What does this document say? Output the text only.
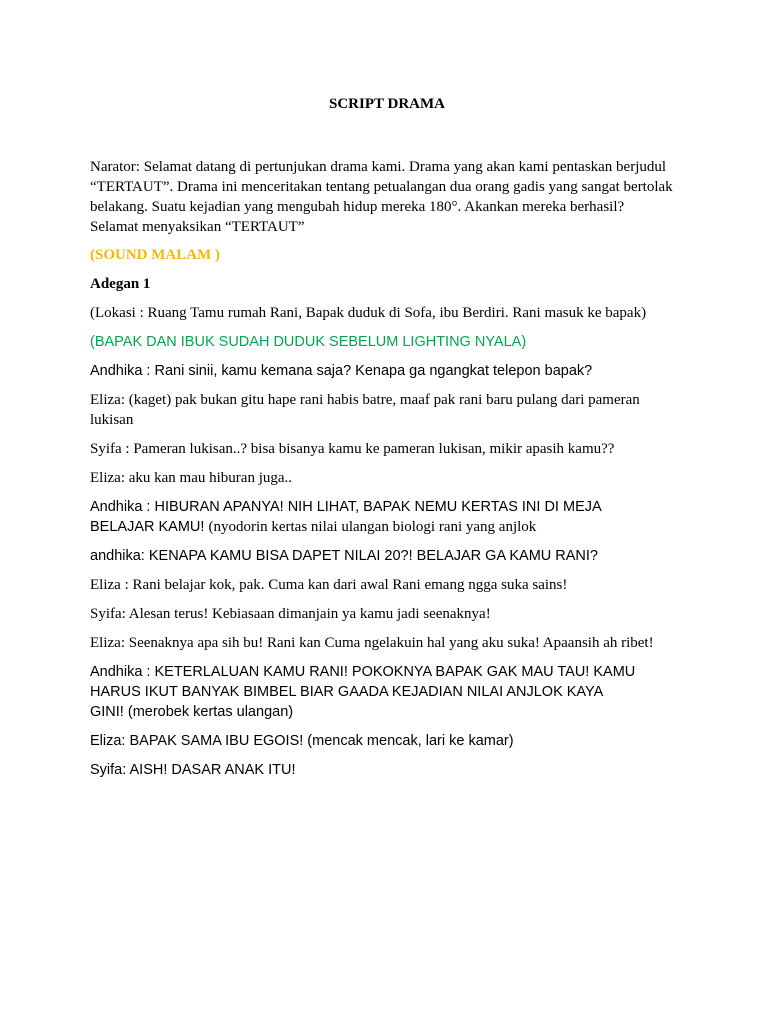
SCRIPT DRAMA
Narator: Selamat datang di pertunjukan drama kami. Drama yang akan kami pentaskan berjudul
“TERTAUT”. Drama ini menceritakan tentang petualangan dua orang gadis yang sangat bertolak
belakang. Suatu kejadian yang mengubah hidup mereka 180°. Akankan mereka berhasil?
Selamat menyaksikan “TERTAUT”
(SOUND MALAM )
Adegan 1
(Lokasi : Ruang Tamu rumah Rani, Bapak duduk di Sofa, ibu Berdiri. Rani masuk ke bapak)
(BAPAK DAN IBUK SUDAH DUDUK SEBELUM LIGHTING NYALA)
Andhika : Rani sinii, kamu kemana saja? Kenapa ga ngangkat telepon bapak?
Eliza: (kaget) pak bukan gitu hape rani habis batre, maaf pak rani baru pulang dari pameran
lukisan
Syifa : Pameran lukisan..? bisa bisanya kamu ke pameran lukisan, mikir apasih kamu??
Eliza: aku kan mau hiburan juga..
Andhika : HIBURAN APANYA! NIH LIHAT, BAPAK NEMU KERTAS INI DI MEJA
BELAJAR KAMU! (nyodorin kertas nilai ulangan biologi rani yang anjlok
andhika: KENAPA KAMU BISA DAPET NILAI 20?! BELAJAR GA KAMU RANI?
Eliza : Rani belajar kok, pak. Cuma kan dari awal Rani emang ngga suka sains!
Syifa: Alesan terus! Kebiasaan dimanjain ya kamu jadi seenaknya!
Eliza: Seenaknya apa sih bu! Rani kan Cuma ngelakuin hal yang aku suka! Apaansih ah ribet!
Andhika : KETERLALUAN KAMU RANI! POKOKNYA BAPAK GAK MAU TAU! KAMU
HARUS IKUT BANYAK BIMBEL BIAR GAADA KEJADIAN NILAI ANJLOK KAYA
GINI! (merobek kertas ulangan)
Eliza: BAPAK SAMA IBU EGOIS! (mencak mencak, lari ke kamar)
Syifa: AISH! DASAR ANAK ITU!
